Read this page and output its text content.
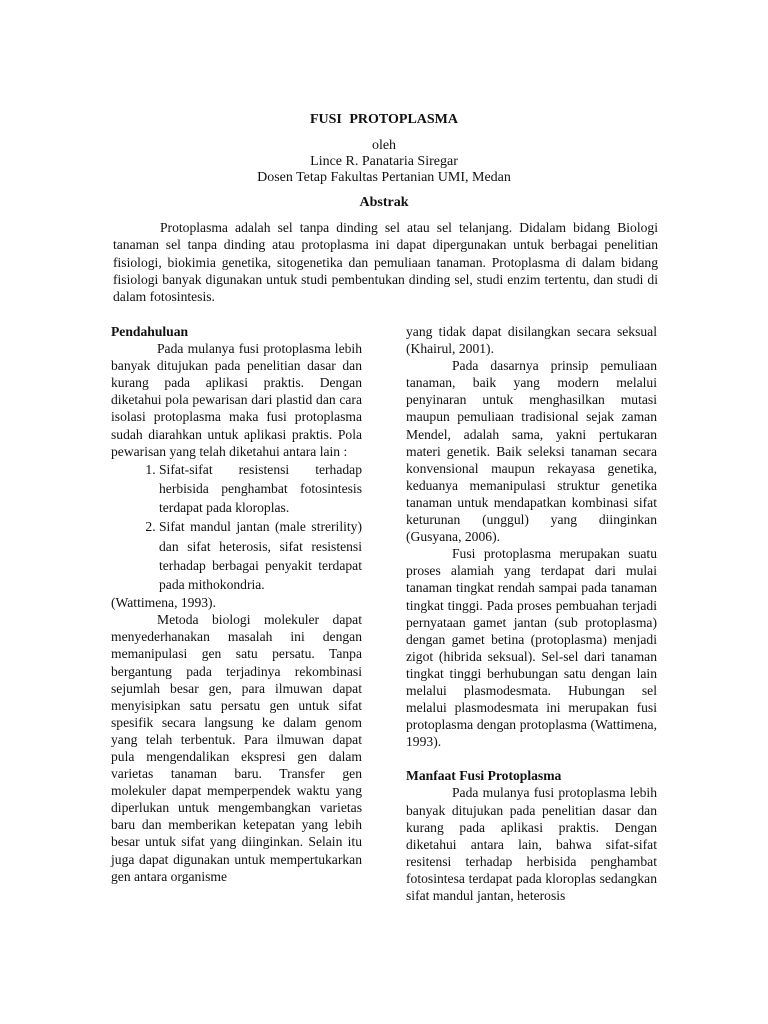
FUSI PROTOPLASMA
oleh
Lince R. Panataria Siregar
Dosen Tetap Fakultas Pertanian UMI, Medan
Abstrak
Protoplasma adalah sel tanpa dinding sel atau sel telanjang. Didalam bidang Biologi tanaman sel tanpa dinding atau protoplasma ini dapat dipergunakan untuk berbagai penelitian fisiologi, biokimia genetika, sitogenetika dan pemuliaan tanaman. Protoplasma di dalam bidang fisiologi banyak digunakan untuk studi pembentukan dinding sel, studi enzim tertentu, dan studi di dalam fotosintesis.
Pendahuluan

Pada mulanya fusi protoplasma lebih banyak ditujukan pada penelitian dasar dan kurang pada aplikasi praktis. Dengan diketahui pola pewarisan dari plastid dan cara isolasi protoplasma maka fusi protoplasma sudah diarahkan untuk aplikasi praktis. Pola pewarisan yang telah diketahui antara lain :

1. Sifat-sifat resistensi terhadap herbisida penghambat fotosintesis terdapat pada kloroplas.
2. Sifat mandul jantan (male strerility) dan sifat heterosis, sifat resistensi terhadap berbagai penyakit terdapat pada mithokondria.

(Wattimena, 1993).

Metoda biologi molekuler dapat menyederhanakan masalah ini dengan memanipulasi gen satu persatu. Tanpa bergantung pada terjadinya rekombinasi sejumlah besar gen, para ilmuwan dapat menyisipkan satu persatu gen untuk sifat spesifik secara langsung ke dalam genom yang telah terbentuk. Para ilmuwan dapat pula mengendalikan ekspresi gen dalam varietas tanaman baru. Transfer gen molekuler dapat memperpendek waktu yang diperlukan untuk mengembangkan varietas baru dan memberikan ketepatan yang lebih besar untuk sifat yang diinginkan. Selain itu juga dapat digunakan untuk mempertukarkan gen antara organisme

yang tidak dapat disilangkan secara seksual (Khairul, 2001).

Pada dasarnya prinsip pemuliaan tanaman, baik yang modern melalui penyinaran untuk menghasilkan mutasi maupun pemuliaan tradisional sejak zaman Mendel, adalah sama, yakni pertukaran materi genetik. Baik seleksi tanaman secara konvensional maupun rekayasa genetika, keduanya memanipulasi struktur genetika tanaman untuk mendapatkan kombinasi sifat keturunan (unggul) yang diinginkan (Gusyana, 2006).

Fusi protoplasma merupakan suatu proses alamiah yang terdapat dari mulai tanaman tingkat rendah sampai pada tanaman tingkat tinggi. Pada proses pembuahan terjadi pernyataan gamet jantan (sub protoplasma) dengan gamet betina (protoplasma) menjadi zigot (hibrida seksual). Sel-sel dari tanaman tingkat tinggi berhubungan satu dengan lain melalui plasmodesmata. Hubungan sel melalui plasmodesmata ini merupakan fusi protoplasma dengan protoplasma (Wattimena, 1993).

Manfaat Fusi Protoplasma

Pada mulanya fusi protoplasma lebih banyak ditujukan pada penelitian dasar dan kurang pada aplikasi praktis. Dengan diketahui antara lain, bahwa sifat-sifat resitensi terhadap herbisida penghambat fotosintesa terdapat pada kloroplas sedangkan sifat mandul jantan, heterosis
